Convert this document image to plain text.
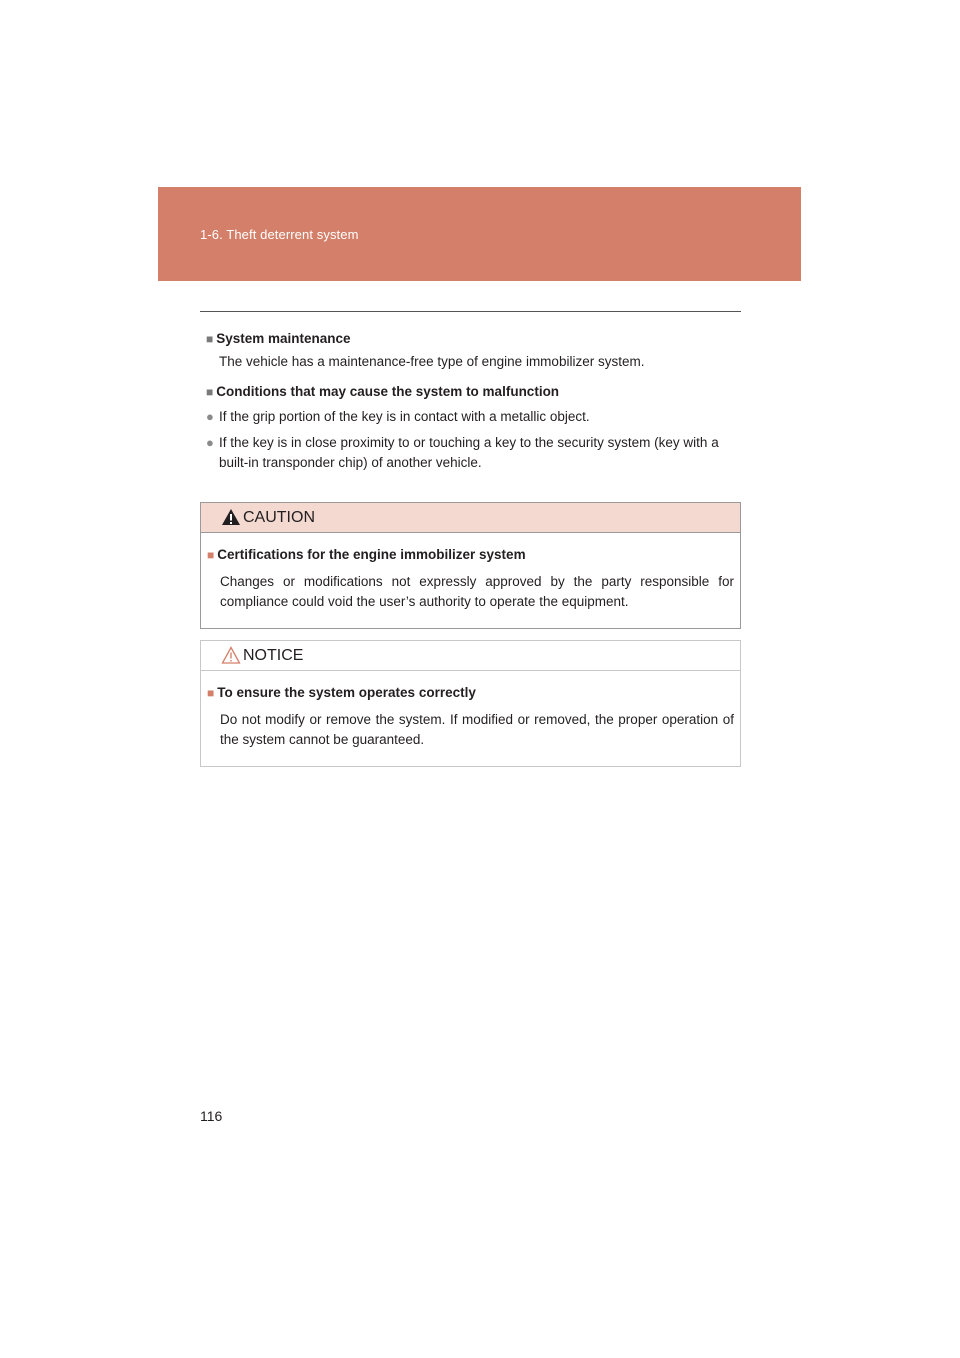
1-6. Theft deterrent system

■ System maintenance

The vehicle has a maintenance-free type of engine immobilizer system.

■ Conditions that may cause the system to malfunction

● If the grip portion of the key is in contact with a metallic object.
● If the key is in close proximity to or touching a key to the security system (key with a built-in transponder chip) of another vehicle.
CAUTION

■ Certifications for the engine immobilizer system

Changes or modifications not expressly approved by the party responsible for compliance could void the user’s authority to operate the equipment.

NOTICE

■ To ensure the system operates correctly

Do not modify or remove the system. If modified or removed, the proper operation of the system cannot be guaranteed.

116
